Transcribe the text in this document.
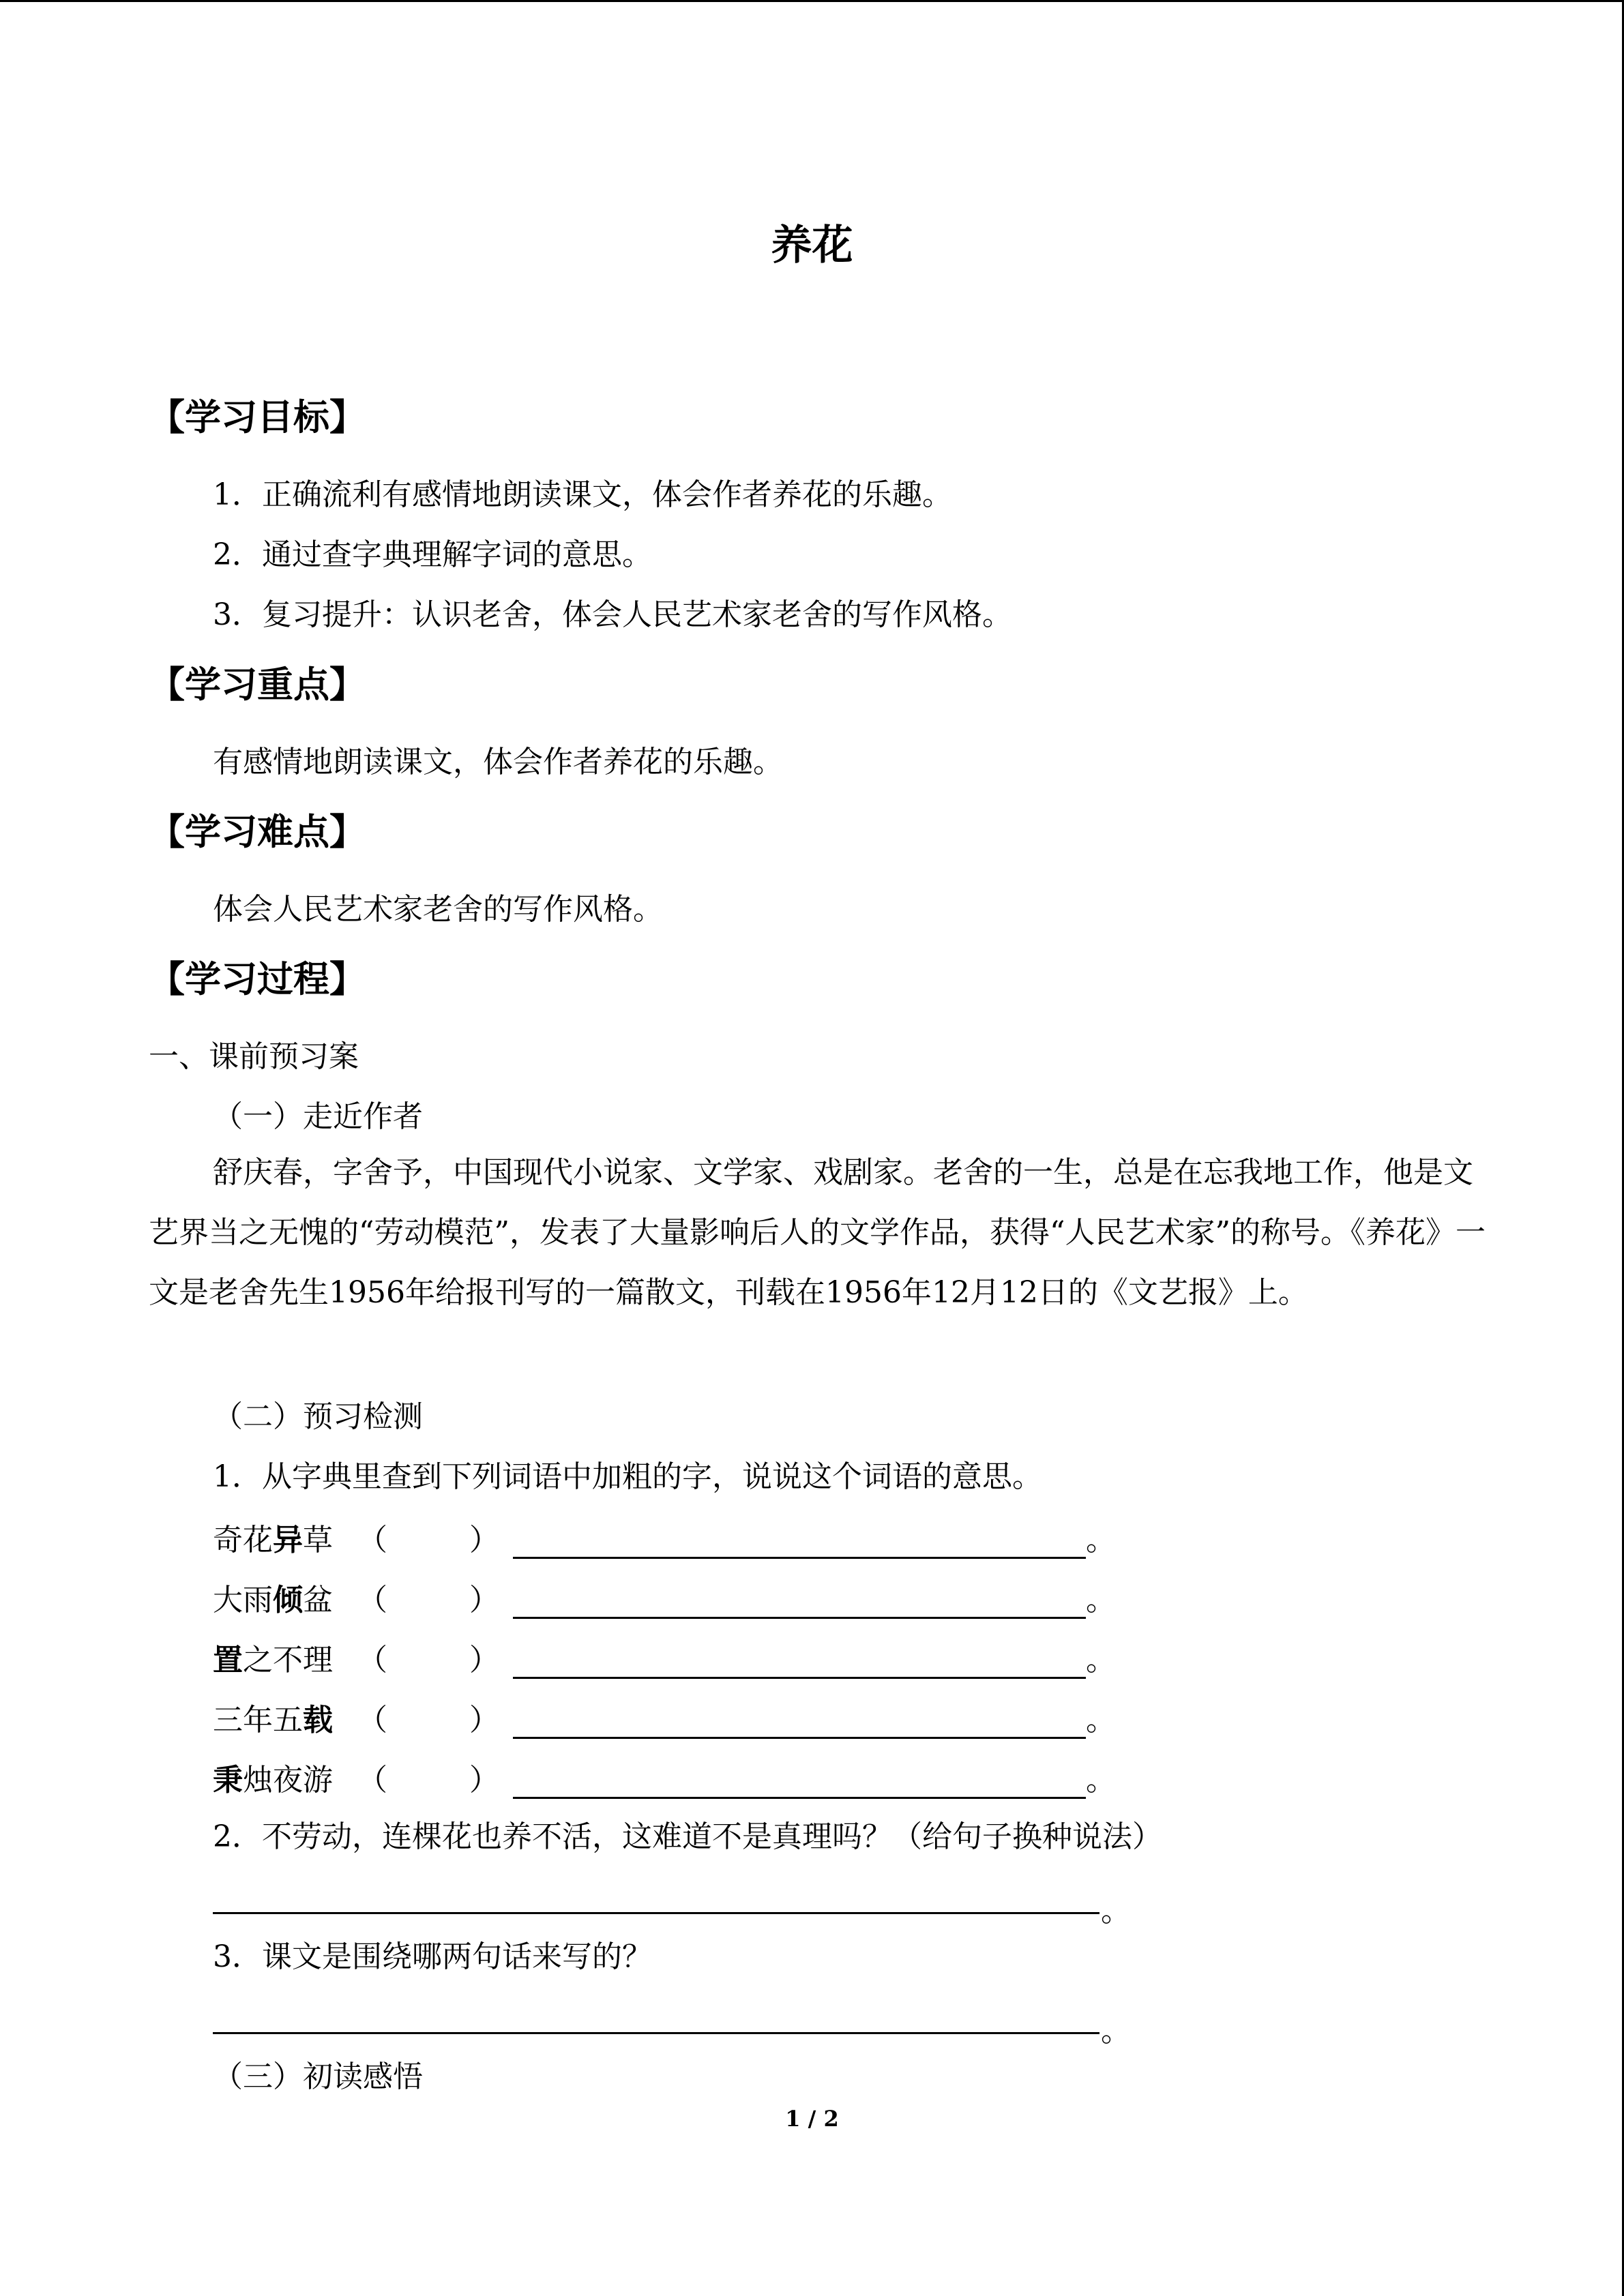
养花
【学习目标】
1．正确流利有感情地朗读课文，体会作者养花的乐趣。
2．通过查字典理解字词的意思。
3．复习提升：认识老舍，体会人民艺术家老舍的写作风格。
【学习重点】
有感情地朗读课文，体会作者养花的乐趣。
【学习难点】
体会人民艺术家老舍的写作风格。
【学习过程】
一、课前预习案
（一）走近作者
舒庆春，字舍予，中国现代小说家、文学家、戏剧家。老舍的一生，总是在忘我地工作，他是文艺界当之无愧的“劳动模范”，发表了大量影响后人的文学作品，获得“人民艺术家”的称号。《养花》一文是老舍先生1956年给报刊写的一篇散文，刊载在1956年12月12日的《文艺报》上。
（二）预习检测
1．从字典里查到下列词语中加粗的字，说说这个词语的意思。
奇花异草 （	）	。
大雨倾盆 （	）	。
置之不理 （	）	。
三年五载 （	）	。
秉烛夜游 （	）	。
2．不劳动，连棵花也养不活，这难道不是真理吗？（给句子换种说法）
。
3．课文是围绕哪两句话来写的？
。
（三）初读感悟
1 / 2
